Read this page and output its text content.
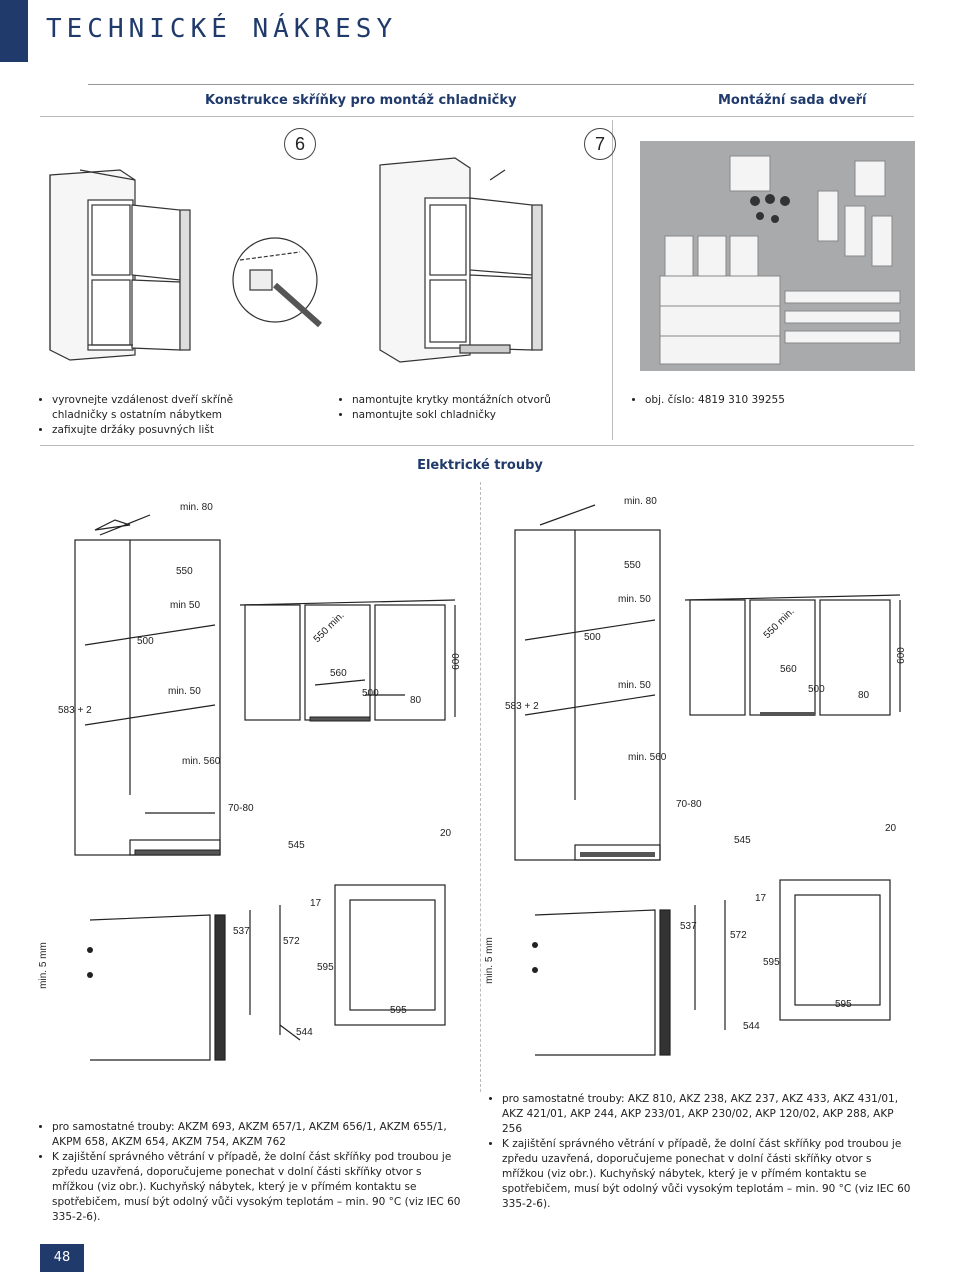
TECHNICKÉ NÁKRESY
Konstrukce skříňky pro montáž chladničky	Montážní sada dveří
6	7
• vyrovnejte vzdálenost dveří skříně chladničky s ostatním nábytkem
• zafixujte držáky posuvných lišt
• namontujte krytky montážních otvorů
• namontujte sokl chladničky
• obj. číslo: 4819 310 39255
Elektrické trouby
min. 80
550
min 50
500
min. 50
583 + 2
560
500
80
600
550 min.
min. 560
70-80
545
20
min. 5 mm
537
572
17
595
595
544
min. 80
550
min. 50
500
min. 50
583 + 2
560
500
80
600
550 min.
min. 560
70-80
545
20
min. 5 mm
537
572
17
595
595
544
• pro samostatné trouby: AKZM 693, AKZM 657/1, AKZM 656/1, AKZM 655/1, AKPM 658, AKZM 654, AKZM 754, AKZM 762
• K zajištění správného větrání v případě, že dolní část skříňky pod troubou je zpředu uzavřená, doporučujeme ponechat v dolní části skříňky otvor s mřížkou (viz obr.). Kuchyňský nábytek, který je v přímém kontaktu se spotřebičem, musí být odolný vůči vysokým teplotám – min. 90 °C (viz IEC 60 335-2-6).
• pro samostatné trouby: AKZ 810, AKZ 238, AKZ 237, AKZ 433, AKZ 431/01, AKZ 421/01, AKP 244, AKP 233/01, AKP 230/02, AKP 120/02, AKP 288, AKP 256
• K zajištění správného větrání v případě, že dolní část skříňky pod troubou je zpředu uzavřená, doporučujeme ponechat v dolní části skříňky otvor s mřížkou (viz obr.). Kuchyňský nábytek, který je v přímém kontaktu se spotřebičem, musí být odolný vůči vysokým teplotám – min. 90 °C (viz IEC 60 335-2-6).
48
